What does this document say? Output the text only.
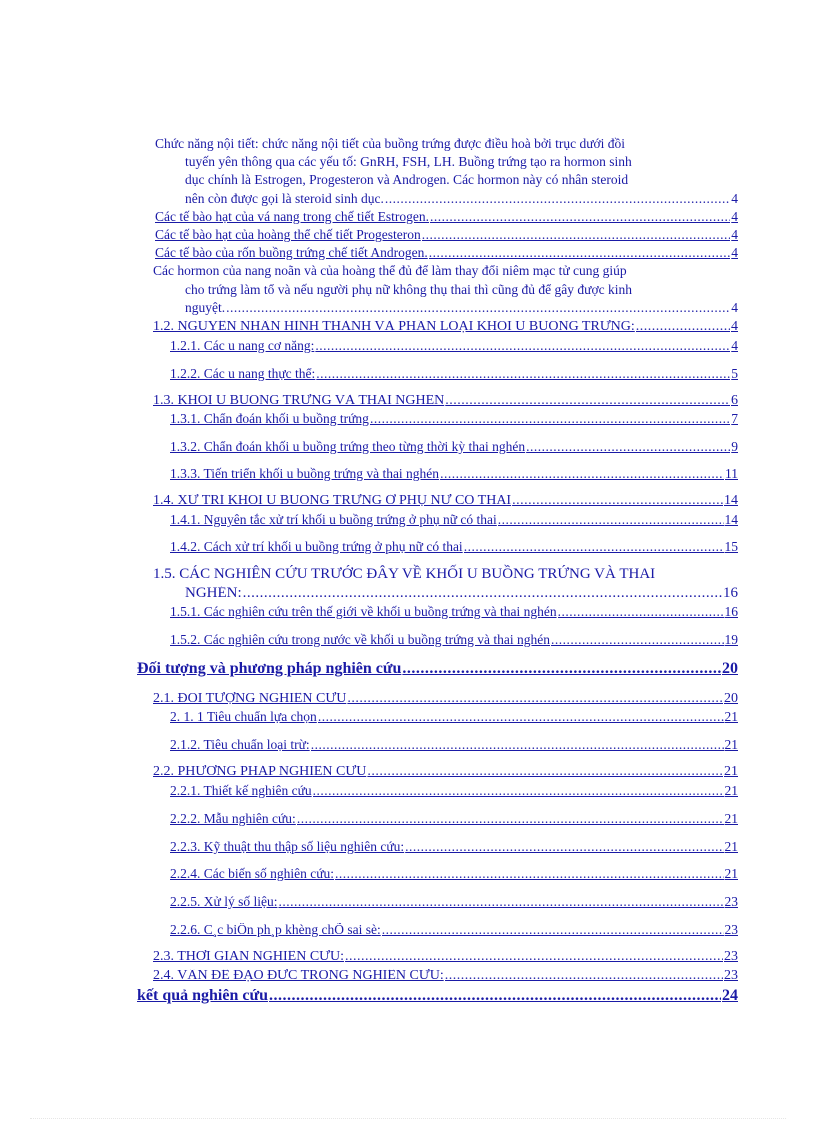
Chức năng nội tiết: chức năng nội tiết của buồng trứng được điều hoà bởi trục dưới đồi
tuyến yên thông qua các yếu tố: GnRH, FSH, LH. Buồng trứng tạo ra hormon sinh
dục chính là Estrogen, Progesteron và Androgen. Các hormon này có nhân steroid
nên còn được gọi là steroid sinh dục. .....	4
Các tế bào hạt của vá nang trong chế tiết Estrogen. .....	4
Các tế bào hạt của hoàng thể chế tiết Progesteron .....	4
Các tế bào của rốn buồng trứng chế tiết Androgen. .....	4
Các hormon của nang noãn và của hoàng thể đủ để làm thay đổi niêm mạc tử cung giúp
cho trứng làm tổ và nếu người phụ nữ không thụ thai thì cũng đủ để gây được kinh
nguyệt. .....	4
1.2. NGUYÊN NHÂN HÌNH THÀNH VÀ PHÂN LOẠI KHỐI U BUỒNG TRỨNG: .....	4
1.2.1. Các u nang cơ năng: .....	4
1.2.2. Các u nang thực thể: .....	5
1.3. KHỐI U BUỒNG TRỨNG VÀ THAI NGHÉN .....	6
1.3.1. Chẩn đoán khối u buồng trứng .....	7
1.3.2. Chẩn đoán khối u buồng trứng theo từng thời kỳ thai nghén .....	9
1.3.3. Tiến triển khối u buồng trứng và thai nghén .....	11
1.4. XỬ TRÍ KHỐI U BUỒNG TRỨNG Ở PHỤ NỮ CÓ THAI .....	14
1.4.1. Nguyên tắc xử trí khối u buồng trứng ở phụ nữ có thai .....	14
1.4.2. Cách xử trí khối u buồng trứng ở phụ nữ có thai .....	15
1.5. CÁC NGHIÊN CỨU TRƯỚC ĐÂY VỀ KHỐI U BUỒNG TRỨNG VÀ THAI
NGHÉN: .....	16
1.5.1. Các nghiên cứu trên thế giới về khối u buồng trứng và thai nghén .....	16
1.5.2. Các nghiên cứu trong nước về khối u buồng trứng và thai nghén .....	19
Đối tượng và phương pháp nghiên cứu .....	20
2.1. ĐỐI TƯỢNG NGHIÊN CỨU .....	20
2. 1. 1 Tiêu chuẩn lựa chọn .....	21
2.1.2. Tiêu chuẩn loại trừ: .....	21
2.2. PHƯƠNG PHÁP NGHIÊN CỨU .....	21
2.2.1. Thiết kế nghiên cứu .....	21
2.2.2. Mẫu nghiên cứu: .....	21
2.2.3. Kỹ thuật thu thập số liệu nghiên cứu: .....	21
2.2.4. Các biến số nghiên cứu: .....	21
2.2.5. Xử lý số liệu: .....	23
2.2.6. C¸c biÖn ph¸p khèng chÕ sai sè: .....	23
2.3. THỜI GIAN NGHIÊN CỨU: .....	23
2.4. VẤN ĐỀ ĐẠO ĐỨC TRONG NGHIÊN CỨU: .....	23
kết quả nghiên cứu .....	24
